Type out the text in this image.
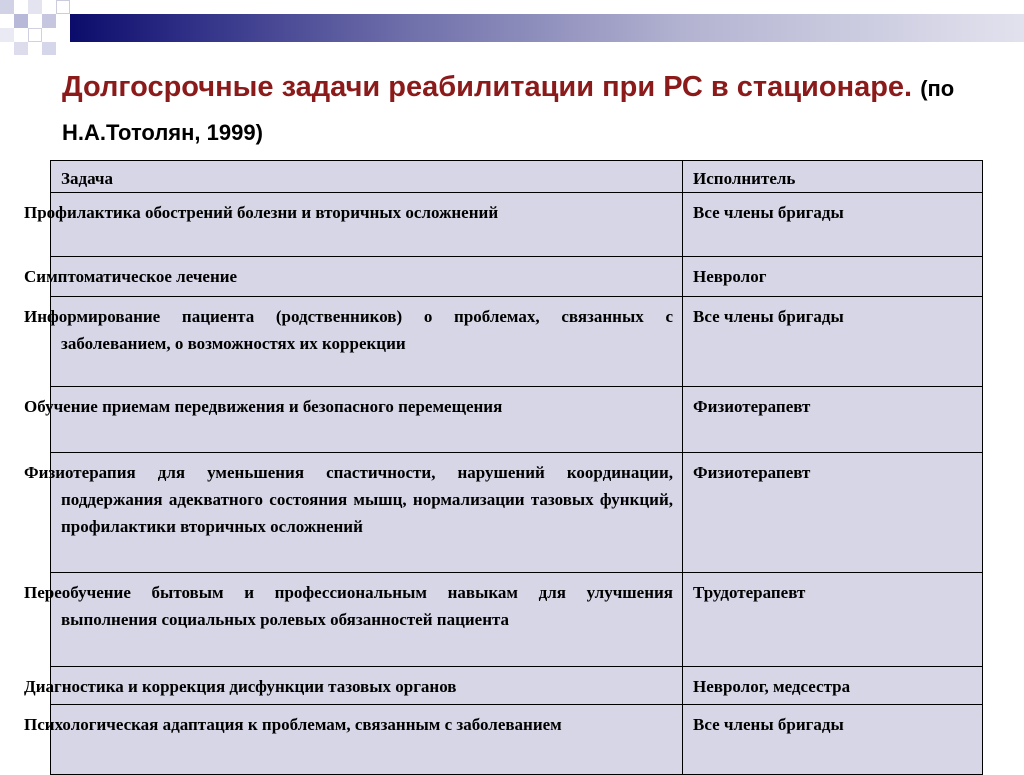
Долгосрочные задачи реабилитации при РС в стационаре. (по Н.А.Тотолян, 1999)
Задача	Исполнитель
Профилактика обострений болезни и вторичных осложнений	Все члены бригады
Симптоматическое лечение	Невролог
Информирование пациента (родственников) о проблемах, связанных с заболеванием, о возможностях их коррекции	Все члены бригады
Обучение приемам передвижения и безопасного перемещения	Физиотерапевт
Физиотерапия для уменьшения спастичности, нарушений координации, поддержания адекватного состояния мышц, нормализации тазовых функций, профилактики вторичных осложнений	Физиотерапевт
Переобучение бытовым и профессиональным навыкам для улучшения выполнения социальных ролевых обязанностей пациента	Трудотерапевт
Диагностика и коррекция дисфункции тазовых органов	Невролог, медсестра
Психологическая адаптация к проблемам, связанным с заболеванием	Все члены бригады
